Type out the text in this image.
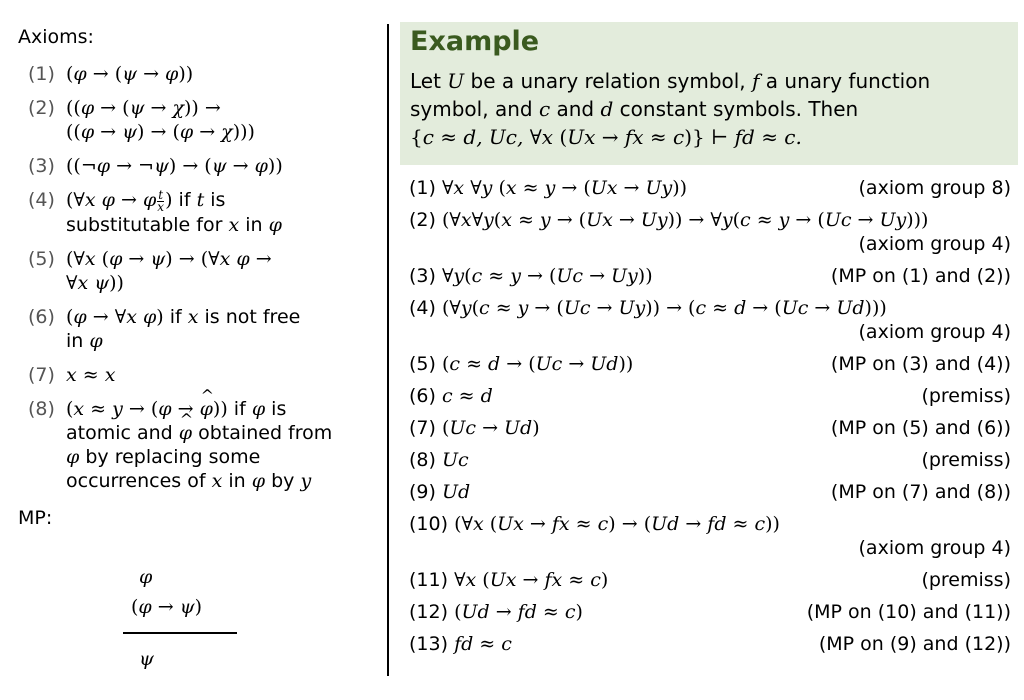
Axioms:
(1) (φ → (ψ → φ))
(2) ((φ → (ψ → χ)) →
((φ → ψ) → (φ → χ)))
(3) ((¬φ → ¬ψ) → (ψ → φ))
(4) (∀x φ → φ $\frac{t}{x}$ ) if t is
substitutable for x in φ
(5) (∀x (φ → ψ) → (∀x φ →
∀x ψ))
(6) (φ → ∀x φ) if x is not free
in φ
(7) x ≈ x
(8) (x ≈ y → (φ → ^ φ)) if φ is
atomic and ^ φ obtained from
φ by replacing some
occurrences of x in φ by y
MP:
φ
(φ → ψ)
ψ
Example
Let U be a unary relation symbol, f a unary function
symbol, and c and d constant symbols. Then
{c ≈ d, Uc, ∀x (Ux → fx ≈ c)} ⊢ fd ≈ c.
(1) ∀x ∀y (x ≈ y → (Ux → Uy))	(axiom group 8)
(2) (∀x∀y(x ≈ y → (Ux → Uy)) → ∀y(c ≈ y → (Uc → Uy)))
(axiom group 4)
(3) ∀y(c ≈ y → (Uc → Uy))	(MP on (1) and (2))
(4) (∀y(c ≈ y → (Uc → Uy)) → (c ≈ d → (Uc → Ud)))
(axiom group 4)
(5) (c ≈ d → (Uc → Ud))	(MP on (3) and (4))
(6) c ≈ d	(premiss)
(7) (Uc → Ud)	(MP on (5) and (6))
(8) Uc	(premiss)
(9) Ud	(MP on (7) and (8))
(10) (∀x (Ux → fx ≈ c) → (Ud → fd ≈ c))
(axiom group 4)
(11) ∀x (Ux → fx ≈ c)	(premiss)
(12) (Ud → fd ≈ c)	(MP on (10) and (11))
(13) fd ≈ c	(MP on (9) and (12))
